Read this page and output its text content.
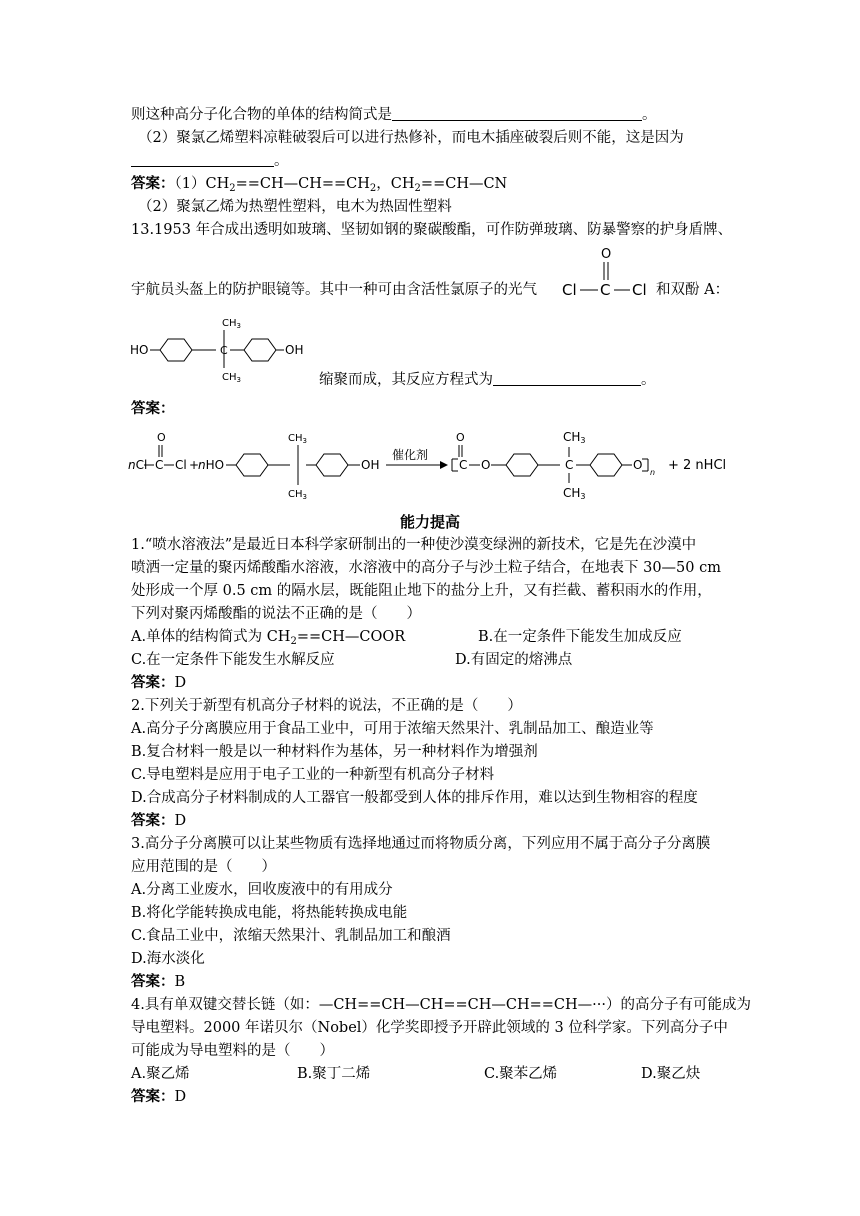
则这种高分子化合物的单体的结构简式是	。
（2）聚氯乙烯塑料凉鞋破裂后可以进行热修补，而电木插座破裂后则不能，这是因为
。
答案：$(1)CH_2==CH—CH==CH_2$，$CH_2==CH—CN$
（2）聚氯乙烯为热塑性塑料，电木为热固性塑料
13.1953 年合成出透明如玻璃、坚韧如钢的聚碳酸酯，可作防弹玻璃、防暴警察的护身盾牌、
宇航员头盔上的防护眼镜等。其中一种可由含活性氯原子的光气
O
Cl C Cl 和双酚 A：
HO	C
$CH_3$
$CH_3$
OH
缩聚而成，其反应方程式为	。
答案：
nCl C
O
Cl +
nHO
$CH_3$
$CH_3$
OH
催化剂
C
O
O	C
CH3
CH3
O
n + 2 nHCl
能力提高
1.“喷水溶液法”是最近日本科学家研制出的一种使沙漠变绿洲的新技术，它是先在沙漠中
喷洒一定量的聚丙烯酸酯水溶液，水溶液中的高分子与沙土粒子结合，在地表下 30—50 cm
处形成一个厚 0.5 cm 的隔水层，既能阻止地下的盐分上升，又有拦截、蓄积雨水的作用，
下列对聚丙烯酸酯的说法不正确的是（　　）
A.单体的结构简式为 $CH_2==CH—COOR$	B.在一定条件下能发生加成反应
C.在一定条件下能发生水解反应	D.有固定的熔沸点
答案：D
2.下列关于新型有机高分子材料的说法，不正确的是（　　）
A.高分子分离膜应用于食品工业中，可用于浓缩天然果汁、乳制品加工、酿造业等
B.复合材料一般是以一种材料作为基体，另一种材料作为增强剂
C.导电塑料是应用于电子工业的一种新型有机高分子材料
D.合成高分子材料制成的人工器官一般都受到人体的排斥作用，难以达到生物相容的程度
答案：D
3.高分子分离膜可以让某些物质有选择地通过而将物质分离，下列应用不属于高分子分离膜
应用范围的是（　　）
A.分离工业废水，回收废液中的有用成分
B.将化学能转换成电能，将热能转换成电能
C.食品工业中，浓缩天然果汁、乳制品加工和酿酒
D.海水淡化
答案：B
4.具有单双键交替长链（如：—CH==CH—CH==CH—CH==CH—···）的高分子有可能成为
导电塑料。2000 年诺贝尔（Nobel）化学奖即授予开辟此领域的 3 位科学家。下列高分子中
可能成为导电塑料的是（　　）
A.聚乙烯	B.聚丁二烯	C.聚苯乙烯	D.聚乙炔
答案：D
